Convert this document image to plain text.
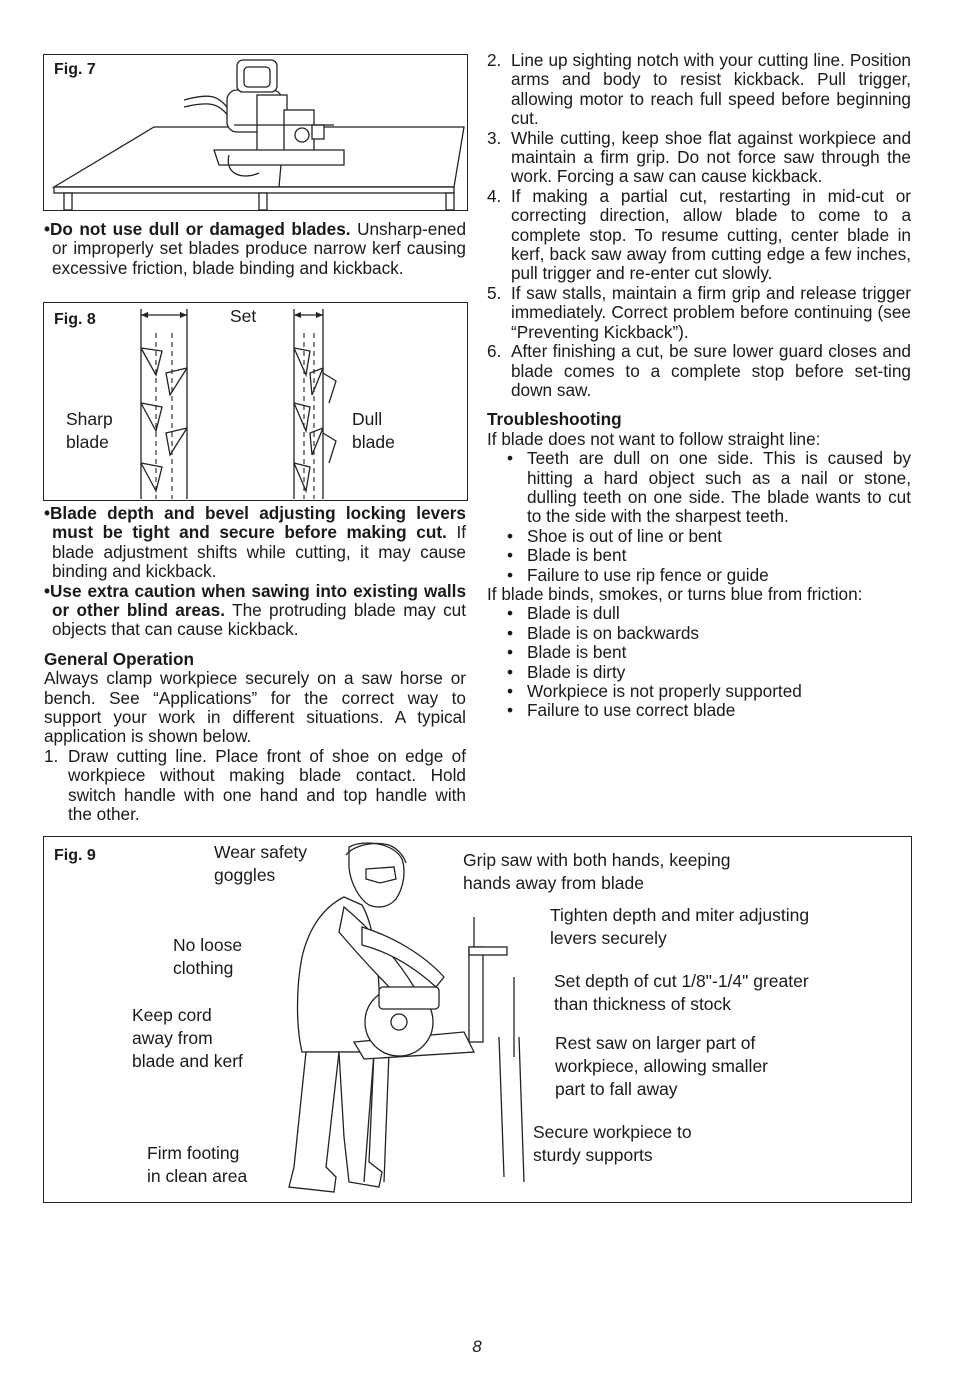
Fig. 7

•Do not use dull or damaged blades. Unsharp-ened or improperly set blades produce narrow kerf causing excessive friction, blade binding and kickback.

Fig. 8	Set
Sharp
blade
Dull
blade

•Blade depth and bevel adjusting locking levers must be tight and secure before making cut. If blade adjustment shifts while cutting, it may cause binding and kickback.

•Use extra caution when sawing into existing walls or other blind areas. The protruding blade may cut objects that can cause kickback.

General Operation
Always clamp workpiece securely on a saw horse or bench. See “Applications” for the correct way to support your work in different situations. A typical application is shown below.
1. Draw cutting line. Place front of shoe on edge of workpiece without making blade contact. Hold switch handle with one hand and top handle with the other.
2. Line up sighting notch with your cutting line. Position arms and body to resist kickback. Pull trigger, allowing motor to reach full speed before beginning cut.
3. While cutting, keep shoe flat against workpiece and maintain a firm grip. Do not force saw through the work. Forcing a saw can cause kickback.
4. If making a partial cut, restarting in mid-cut or correcting direction, allow blade to come to a complete stop. To resume cutting, center blade in kerf, back saw away from cutting edge a few inches, pull trigger and re-enter cut slowly.
5. If saw stalls, maintain a firm grip and release trigger immediately. Correct problem before continuing (see “Preventing Kickback”).
6. After finishing a cut, be sure lower guard closes and blade comes to a complete stop before set-ting down saw.
Troubleshooting
If blade does not want to follow straight line:
• Teeth are dull on one side. This is caused by hitting a hard object such as a nail or stone, dulling teeth on one side. The blade wants to cut to the side with the sharpest teeth.
• Shoe is out of line or bent
• Blade is bent
• Failure to use rip fence or guide
If blade binds, smokes, or turns blue from friction:
• Blade is dull
• Blade is on backwards
• Blade is bent
• Blade is dirty
• Workpiece is not properly supported
• Failure to use correct blade
Fig. 9	Wear safety
goggles
No loose
clothing
Keep cord
away from
blade and kerf
Firm footing
in clean area
Grip saw with both hands, keeping
hands away from blade
Tighten depth and miter adjusting
levers securely
Set depth of cut 1/8"-1/4" greater
than thickness of stock
Rest saw on larger part of
workpiece, allowing smaller
part to fall away
Secure workpiece to
sturdy supports
8
